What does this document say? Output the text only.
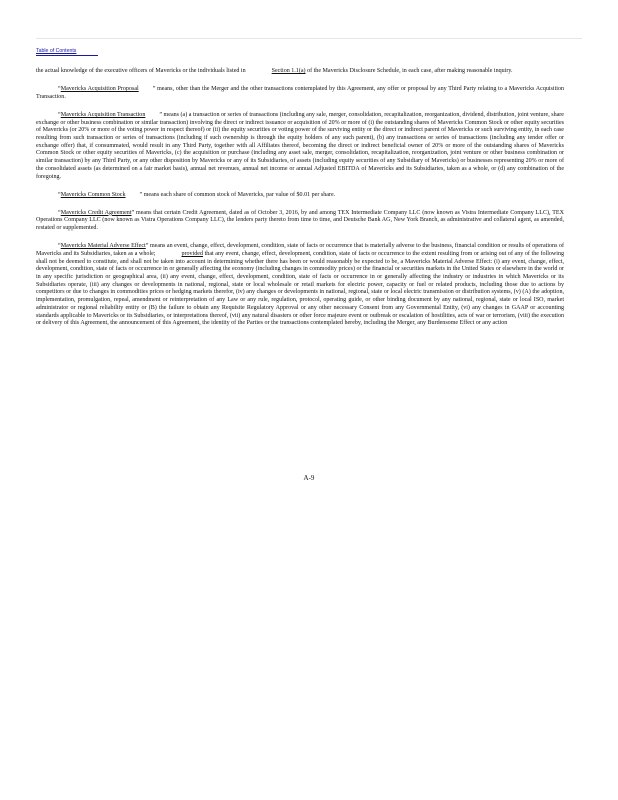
Table of Contents

the actual knowledge of the executive officers of Mavericks or the individuals listed in	Section 1.1(a) of the Mavericks Disclosure Schedule, in each case, after making reasonable inquiry.

“Mavericks Acquisition Proposal ” means, other than the Merger and the other transactions contemplated by this Agreement, any offer or proposal by any Third Party relating to a Mavericks Acquisition Transaction.

“Mavericks Acquisition Transaction ” means (a) a transaction or series of transactions (including any sale, merger, consolidation, recapitalization, reorganization, dividend, distribution, joint venture, share exchange or other business combination or similar transaction) involving the direct or indirect issuance or acquisition of 20% or more of (i) the outstanding shares of Mavericks Common Stock or other equity securities of Mavericks (or 20% or more of the voting power in respect thereof) or (ii) the equity securities or voting power of the surviving entity or the direct or indirect parent of Mavericks or such surviving entity, in each case resulting from such transaction or series of transactions (including if such ownership is through the equity holders of any such parent), (b) any transactions or series of transactions (including any tender offer or exchange offer) that, if consummated, would result in any Third Party, together with all Affiliates thereof, becoming the direct or indirect beneficial owner of 20% or more of the outstanding shares of Mavericks Common Stock or other equity securities of Mavericks, (c) the acquisition or purchase (including any asset sale, merger, consolidation, recapitalization, reorganization, joint venture or other business combination or similar transaction) by any Third Party, or any other disposition by Mavericks or any of its Subsidiaries, of assets (including equity securities of any Subsidiary of Mavericks) or businesses representing 20% or more of the consolidated assets (as determined on a fair market basis), annual net revenues, annual net income or annual Adjusted EBITDA of Mavericks and its Subsidiaries, taken as a whole, or (d) any combination of the foregoing.

“Mavericks Common Stock ” means each share of common stock of Mavericks, par value of $0.01 per share.

“Mavericks Credit Agreement” means that certain Credit Agreement, dated as of October 3, 2016, by and among TEX Intermediate Company LLC (now known as Vistra Intermediate Company LLC), TEX Operations Company LLC (now known as Vistra Operations Company LLC), the lenders party thereto from time to time, and Deutsche Bank AG, New York Branch, as administrative and collateral agent, as amended, restated or supplemented.

“Mavericks Material Adverse Effect” means an event, change, effect, development, condition, state of facts or occurrence that is materially adverse to the business, financial condition or results of operations of Mavericks and its Subsidiaries, taken as a whole;	provided that any event, change, effect, development, condition, state of facts or occurrence to the extent resulting from or arising out of any of the following shall not be deemed to constitute, and shall not be taken into account in determining whether there has been or would reasonably be expected to be, a Mavericks Material Adverse Effect: (i) any event, change, effect, development, condition, state of facts or occurrence in or generally affecting the economy (including changes in commodity prices) or the financial or securities markets in the United States or elsewhere in the world or in any specific jurisdiction or geographical area, (ii) any event, change, effect, development, condition, state of facts or occurrence in or generally affecting the industry or industries in which Mavericks or its Subsidiaries operate, (iii) any changes or developments in national, regional, state or local wholesale or retail markets for electric power, capacity or fuel or related products, including those due to actions by competitors or due to changes in commodities prices or hedging markets therefor, (iv) any changes or developments in national, regional, state or local electric transmission or distribution systems, (v) (A) the adoption, implementation, promulgation, repeal, amendment or reinterpretation of any Law or any rule, regulation, protocol, operating guide, or other binding document by any national, regional, state or local ISO, market administrator or regional reliability entity or (B) the failure to obtain any Requisite Regulatory Approval or any other necessary Consent from any Governmental Entity, (vi) any changes in GAAP or accounting standards applicable to Mavericks or its Subsidiaries, or interpretations thereof, (vii) any natural disasters or other force majeure event or outbreak or escalation of hostilities, acts of war or terrorism, (viii) the execution or delivery of this Agreement, the announcement of this Agreement, the identity of the Parties or the transactions contemplated hereby, including the Merger, any Burdensome Effect or any action

A-9
